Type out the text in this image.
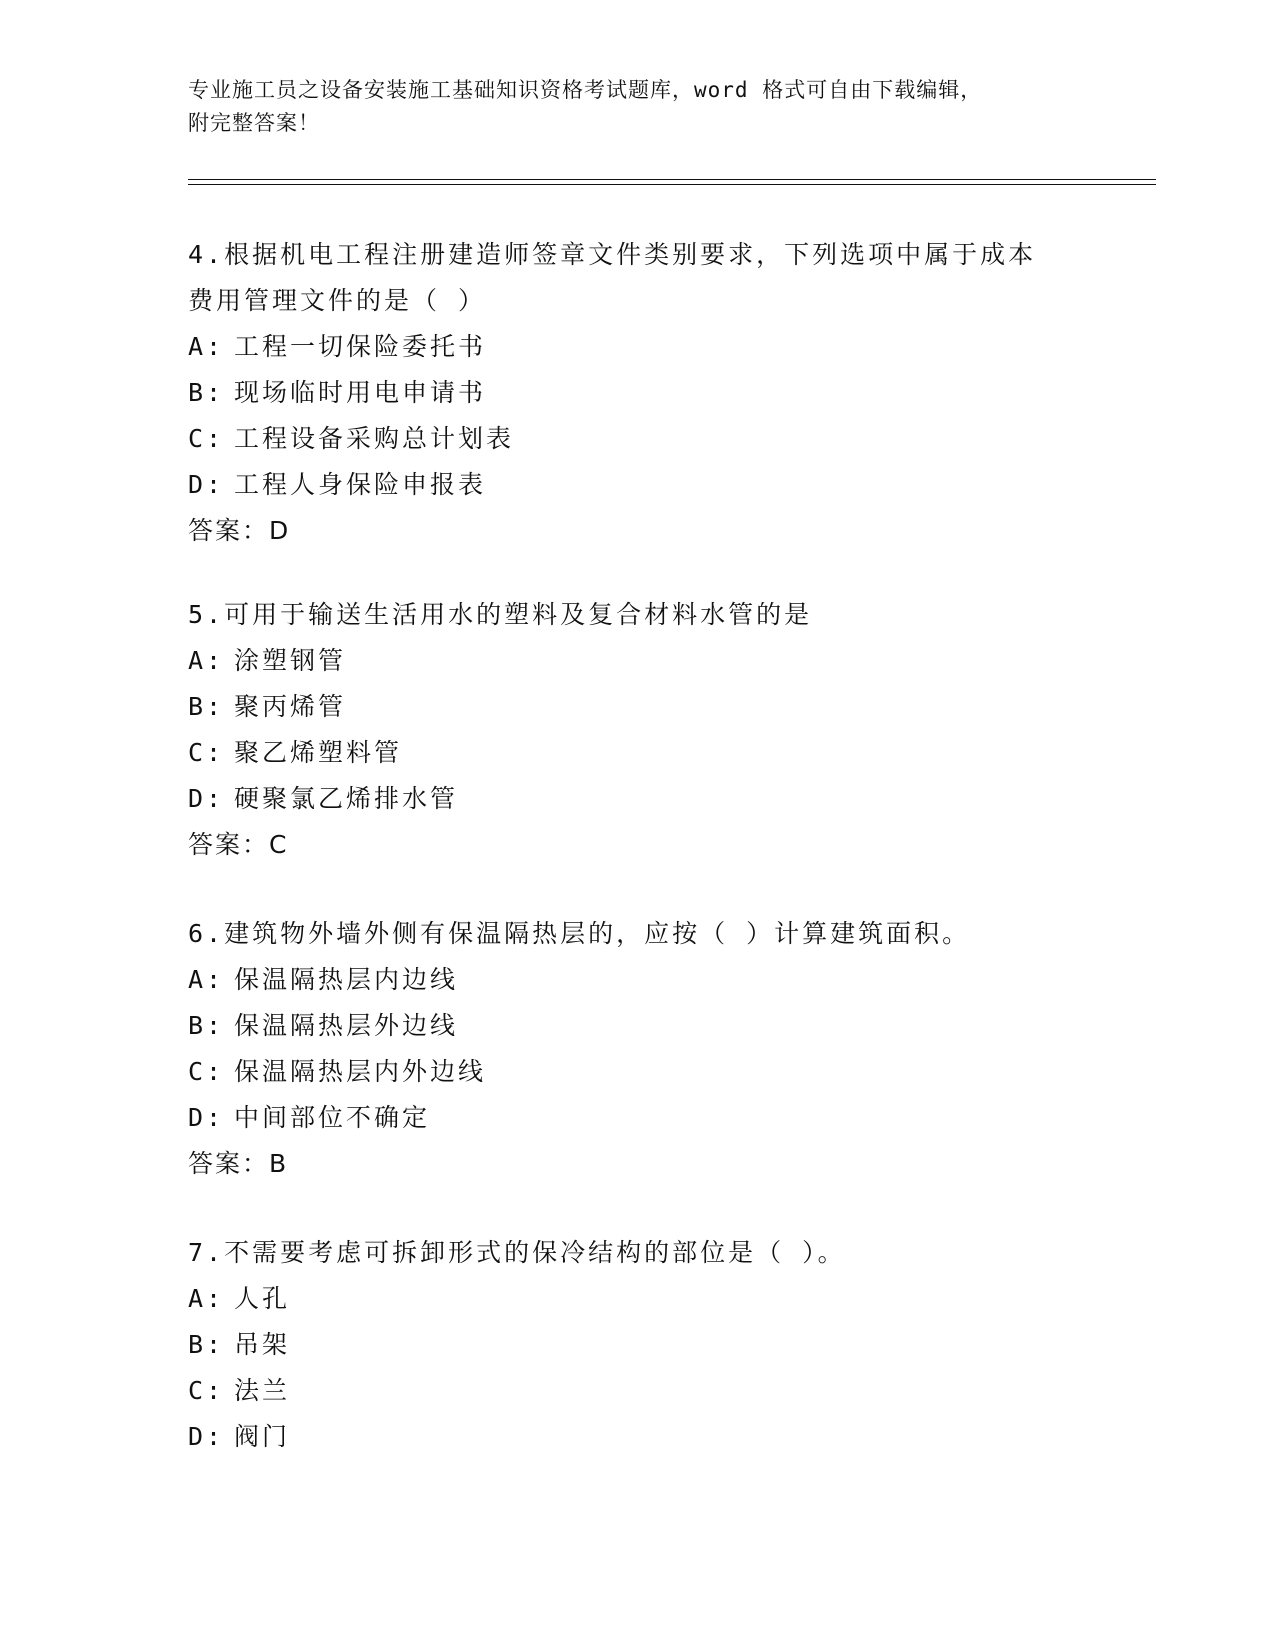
专业施工员之设备安装施工基础知识资格考试题库，word 格式可自由下载编辑，
附完整答案！
4.根据机电工程注册建造师签章文件类别要求，下列选项中属于成本
费用管理文件的是（ ）
A: 工程一切保险委托书
B: 现场临时用电申请书
C: 工程设备采购总计划表
D: 工程人身保险申报表
答案：D
5.可用于输送生活用水的塑料及复合材料水管的是
A: 涂塑钢管
B: 聚丙烯管
C: 聚乙烯塑料管
D: 硬聚氯乙烯排水管
答案：C
6.建筑物外墙外侧有保温隔热层的，应按（ ）计算建筑面积。
A: 保温隔热层内边线
B: 保温隔热层外边线
C: 保温隔热层内外边线
D: 中间部位不确定
答案：B
7.不需要考虑可拆卸形式的保冷结构的部位是（ ）。
A: 人孔
B: 吊架
C: 法兰
D: 阀门
